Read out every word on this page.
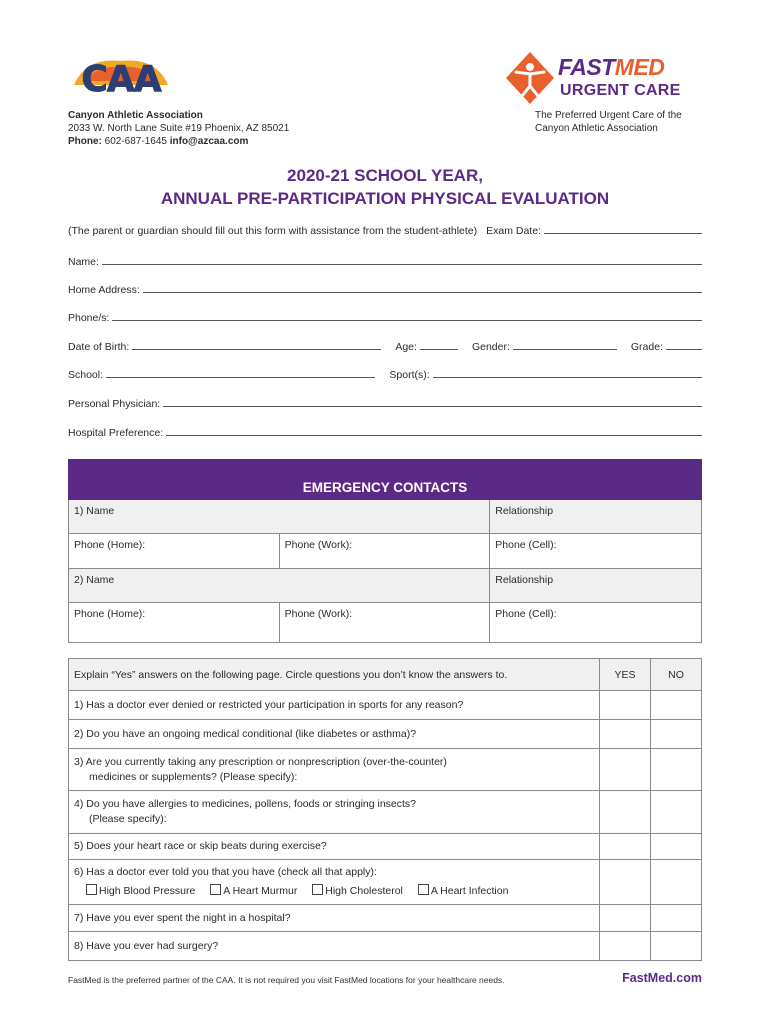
CAA
Canyon Athletic Association
2033 W. North Lane Suite #19 Phoenix, AZ 85021
Phone: 602-687-1645 info@azcaa.com
FASTMED
URGENT CARE
The Preferred Urgent Care of the
Canyon Athletic Association
2020-21 SCHOOL YEAR,
ANNUAL PRE-PARTICIPATION PHYSICAL EVALUATION
(The parent or guardian should fill out this form with assistance from the student-athlete) Exam Date:
Name:
Home Address:
Phone/s:
Date of Birth:	Age:	Gender:	Grade:
School:	Sport(s):
Personal Physician:
Hospital Preference:
EMERGENCY CONTACTS		
1) Name		Relationship
Phone (Home):	Phone (Work):	Phone (Cell):
2) Name		Relationship
Phone (Home):	Phone (Work):	Phone (Cell):
Explain “Yes” answers on the following page. Circle questions you don’t know the answers to.	YES	NO
1) Has a doctor ever denied or restricted your participation in sports for any reason?		
2) Do you have an ongoing medical conditional (like diabetes or asthma)?		

3) Are you currently taking any prescription or nonprescription (over-the-counter)
medicines or supplements? (Please specify):		

4) Do you have allergies to medicines, pollens, foods or stringing insects?
(Please specify):		

5) Does your heart race or skip beats during exercise?		

6) Has a doctor ever told you that you have (check all that apply):
High Blood Pressure A Heart Murmur High Cholesterol A Heart Infection		

7) Have you ever spent the night in a hospital?		
8) Have you ever had surgery?		
FastMed is the preferred partner of the CAA. It is not required you visit FastMed locations for your healthcare needs.	FastMed.com
